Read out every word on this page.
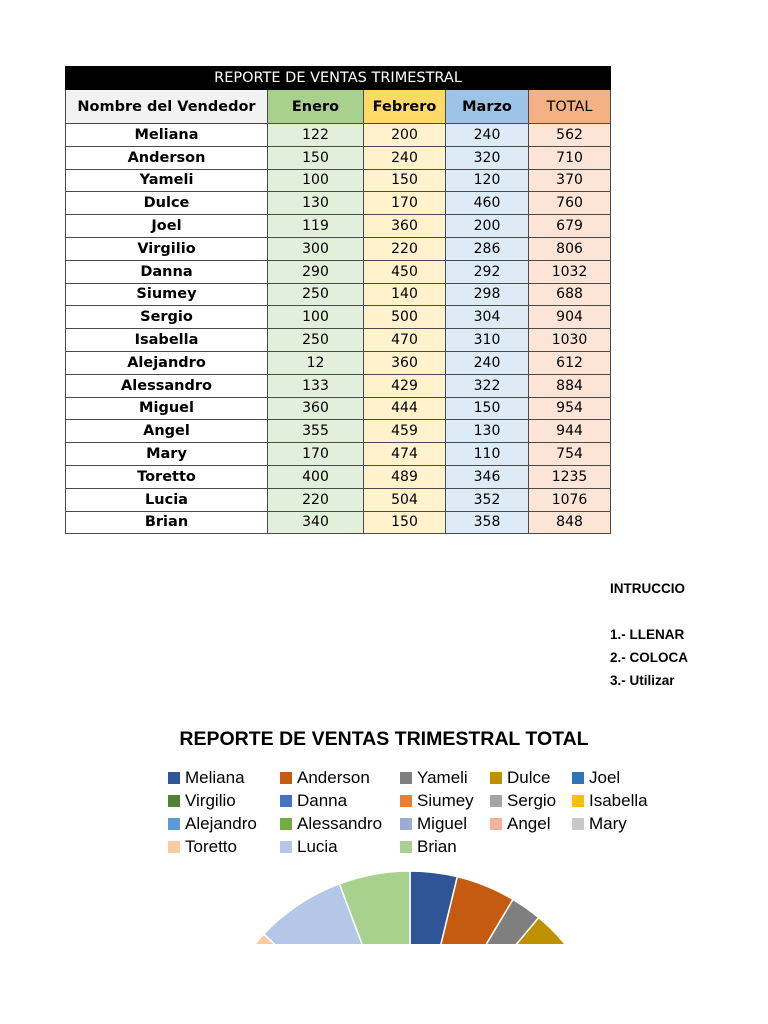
REPORTE DE VENTAS TRIMESTRAL				
Nombre del Vendedor	Enero	Febrero	Marzo	TOTAL
Meliana	122	200	240	562
Anderson	150	240	320	710
Yameli	100	150	120	370
Dulce	130	170	460	760
Joel	119	360	200	679
Virgilio	300	220	286	806
Danna	290	450	292	1032
Siumey	250	140	298	688
Sergio	100	500	304	904
Isabella	250	470	310	1030
Alejandro	12	360	240	612
Alessandro	133	429	322	884
Miguel	360	444	150	954
Angel	355	459	130	944
Mary	170	474	110	754
Toretto	400	489	346	1235
Lucia	220	504	352	1076
Brian	340	150	358	848
INTRUCCIO
1.- LLENAR
2.- COLOCA
3.- Utilizar
REPORTE DE VENTAS TRIMESTRAL TOTAL
Meliana	Anderson	Yameli Dulce Joel
Virgilio	Danna	Siumey Sergio Isabella
Alejandro Alessandro Miguel Angel Mary
Toretto	Lucia	Brian
